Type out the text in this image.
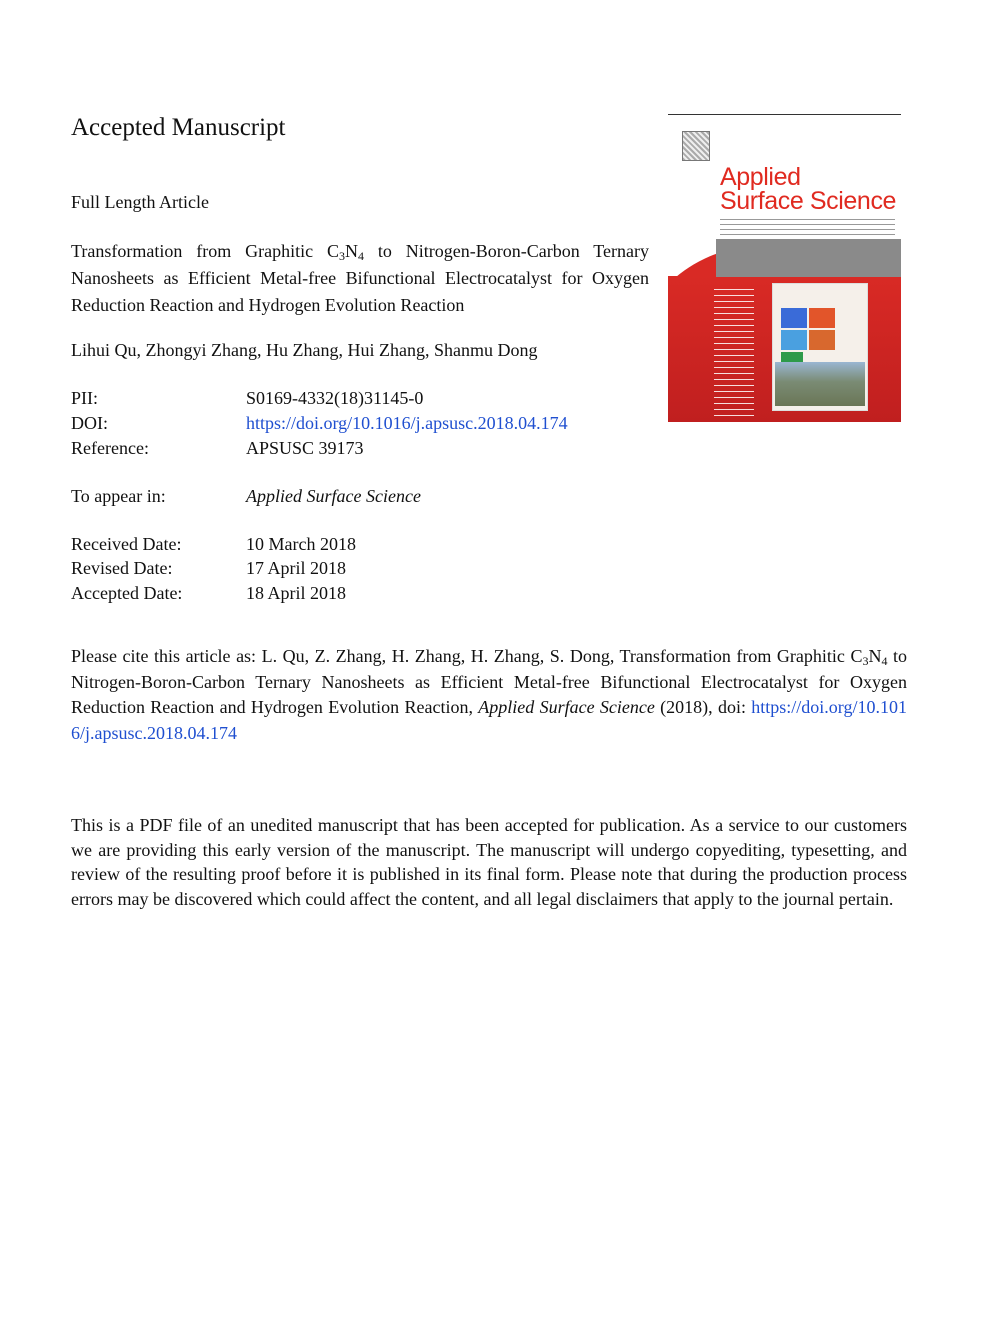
Accepted Manuscript
Full Length Article
Transformation from Graphitic $C_3N_4$ to Nitrogen-Boron-Carbon Ternary Nanosheets as Efficient Metal-free Bifunctional Electrocatalyst for Oxygen Reduction Reaction and Hydrogen Evolution Reaction
Lihui Qu, Zhongyi Zhang, Hu Zhang, Hui Zhang, Shanmu Dong
PII:	S0169-4332(18)31145-0
DOI:	https://doi.org/10.1016/j.apsusc.2018.04.174
Reference:	APSUSC 39173
To appear in:	Applied Surface Science
Received Date:	10 March 2018
Revised Date:	17 April 2018
Accepted Date:	18 April 2018
Please cite this article as: L. Qu, Z. Zhang, H. Zhang, H. Zhang, S. Dong, Transformation from Graphitic $C_3N_4$ to Nitrogen-Boron-Carbon Ternary Nanosheets as Efficient Metal-free Bifunctional Electrocatalyst for Oxygen Reduction Reaction and Hydrogen Evolution Reaction, Applied Surface Science (2018), doi: https://doi.org/10.1016/j.apsusc.2018.04.174
This is a PDF file of an unedited manuscript that has been accepted for publication. As a service to our customers we are providing this early version of the manuscript. The manuscript will undergo copyediting, typesetting, and review of the resulting proof before it is published in its final form. Please note that during the production process errors may be discovered which could affect the content, and all legal disclaimers that apply to the journal pertain.
Applied
Surface Science
